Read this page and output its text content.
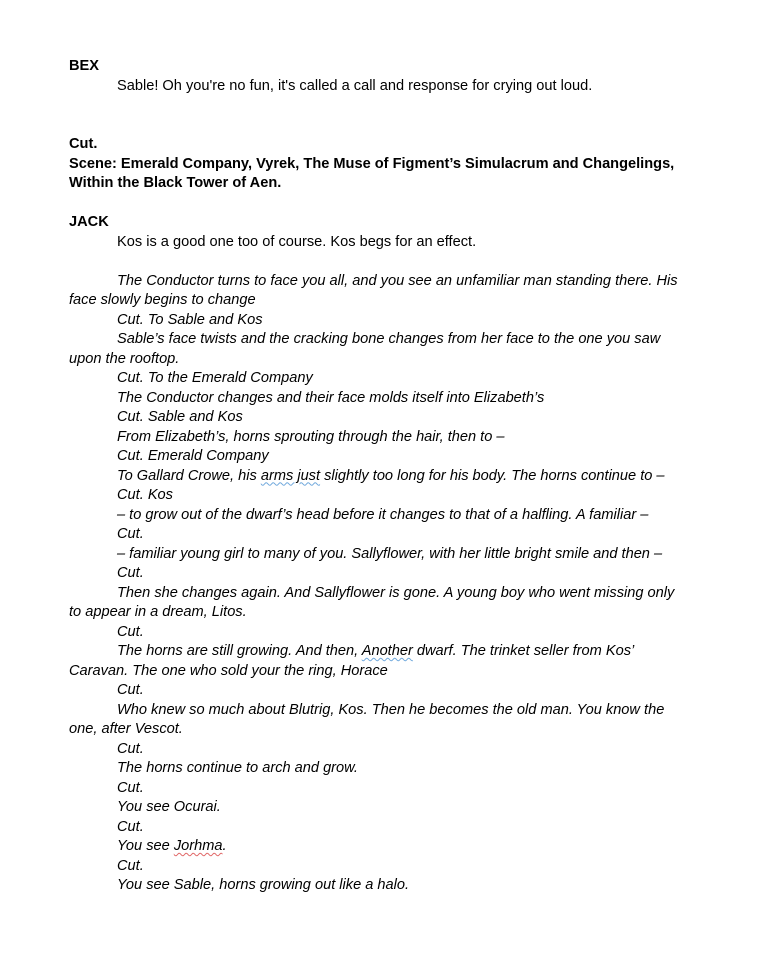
BEX
Sable! Oh you're no fun, it's called a call and response for crying out loud.
Cut.
Scene: Emerald Company, Vyrek, The Muse of Figment’s Simulacrum and Changelings,
Within the Black Tower of Aen.
JACK
Kos is a good one too of course. Kos begs for an effect.
The Conductor turns to face you all, and you see an unfamiliar man standing there. His face slowly begins to change
Cut. To Sable and Kos
Sable’s face twists and the cracking bone changes from her face to the one you saw upon the rooftop.
Cut. To the Emerald Company
The Conductor changes and their face molds itself into Elizabeth’s
Cut. Sable and Kos
From Elizabeth’s, horns sprouting through the hair, then to –
Cut. Emerald Company
To Gallard Crowe, his arms just slightly too long for his body. The horns continue to –
Cut. Kos
– to grow out of the dwarf’s head before it changes to that of a halfling. A familiar –
Cut.
– familiar young girl to many of you. Sallyflower, with her little bright smile and then –
Cut.
Then she changes again. And Sallyflower is gone. A young boy who went missing only to appear in a dream, Litos.
Cut.
The horns are still growing. And then, Another dwarf. The trinket seller from Kos’ Caravan. The one who sold your the ring, Horace
Cut.
Who knew so much about Blutrig, Kos. Then he becomes the old man. You know the one, after Vescot.
Cut.
The horns continue to arch and grow.
Cut.
You see Ocurai.
Cut.
You see Jorhma.
Cut.
You see Sable, horns growing out like a halo.
